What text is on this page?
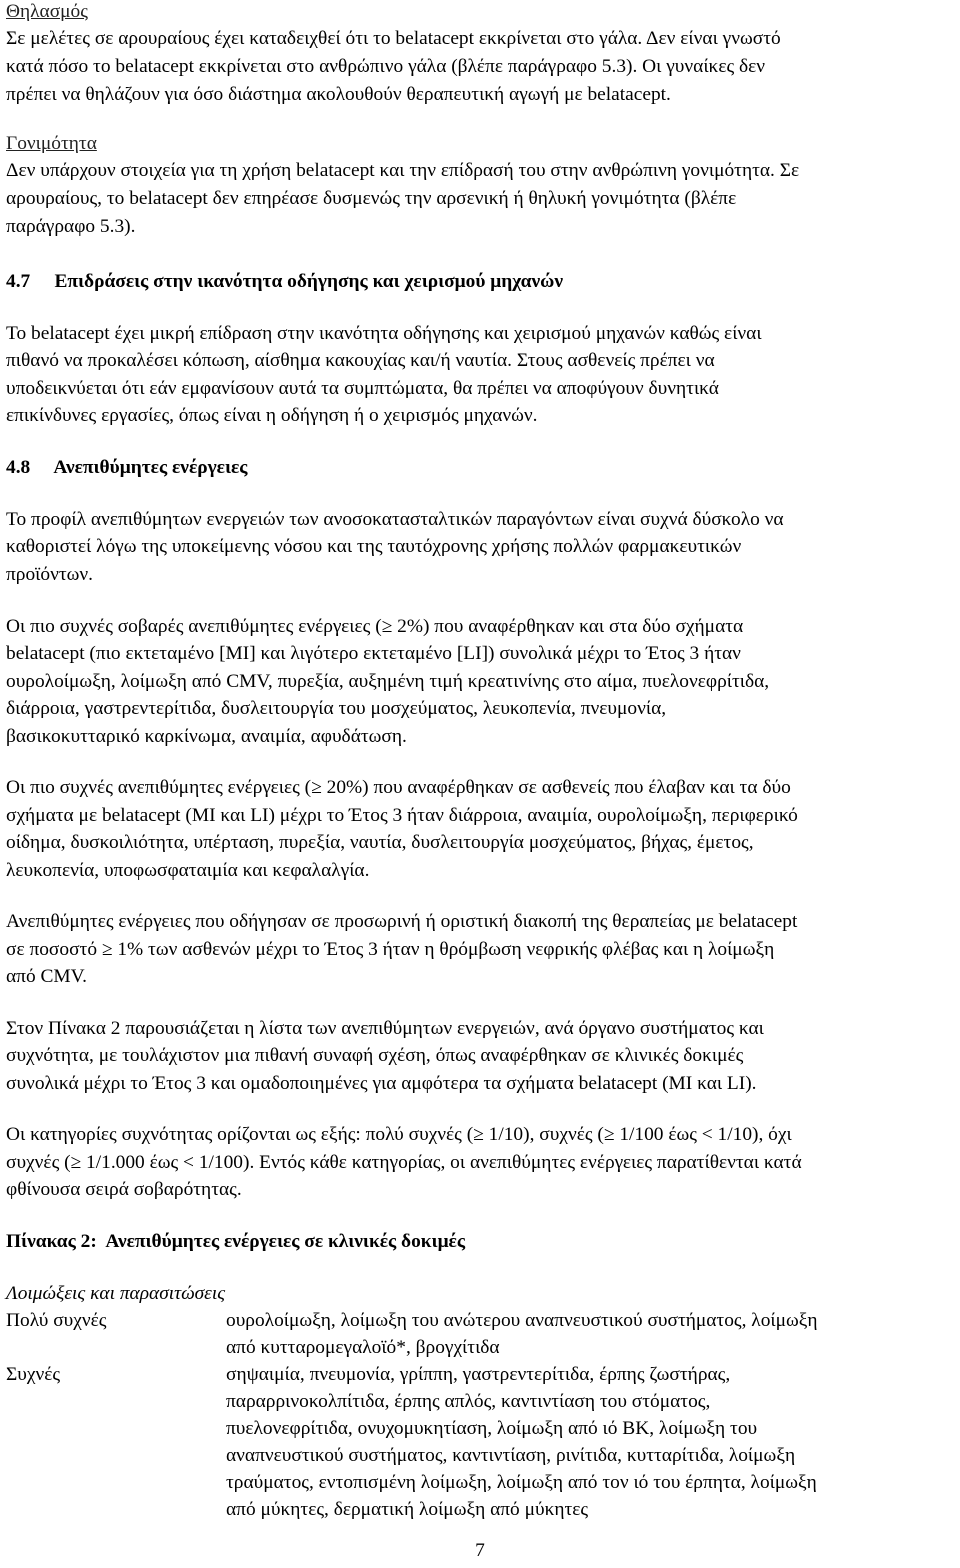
Θηλασμός
Σε μελέτες σε αρουραίους έχει καταδειχθεί ότι το belatacept εκκρίνεται στο γάλα. Δεν είναι γνωστό
κατά πόσο το belatacept εκκρίνεται στο ανθρώπινο γάλα (βλέπε παράγραφο 5.3). Οι γυναίκες δεν
πρέπει να θηλάζουν για όσο διάστημα ακολουθούν θεραπευτική αγωγή με belatacept.
Γονιμότητα
Δεν υπάρχουν στοιχεία για τη χρήση belatacept και την επίδρασή του στην ανθρώπινη γονιμότητα. Σε
αρουραίους, το belatacept δεν επηρέασε δυσμενώς την αρσενική ή θηλυκή γονιμότητα (βλέπε
παράγραφο 5.3).
4.7     Επιδράσεις στην ικανότητα οδήγησης και χειρισμού μηχανών
Το belatacept έχει μικρή επίδραση στην ικανότητα οδήγησης και χειρισμού μηχανών καθώς είναι
πιθανό να προκαλέσει κόπωση, αίσθημα κακουχίας και/ή ναυτία. Στους ασθενείς πρέπει να
υποδεικνύεται ότι εάν εμφανίσουν αυτά τα συμπτώματα, θα πρέπει να αποφύγουν δυνητικά
επικίνδυνες εργασίες, όπως είναι η οδήγηση ή ο χειρισμός μηχανών.
4.8     Ανεπιθύμητες ενέργειες
Το προφίλ ανεπιθύμητων ενεργειών των ανοσοκατασταλτικών παραγόντων είναι συχνά δύσκολο να
καθοριστεί λόγω της υποκείμενης νόσου και της ταυτόχρονης χρήσης πολλών φαρμακευτικών
προϊόντων.
Οι πιο συχνές σοβαρές ανεπιθύμητες ενέργειες (≥ 2%) που αναφέρθηκαν και στα δύο σχήματα
belatacept (πιο εκτεταμένο [MI] και λιγότερο εκτεταμένο [LI]) συνολικά μέχρι το Έτος 3 ήταν
ουρολοίμωξη, λοίμωξη από CMV, πυρεξία, αυξημένη τιμή κρεατινίνης στο αίμα, πυελονεφρίτιδα,
διάρροια, γαστρεντερίτιδα, δυσλειτουργία του μοσχεύματος, λευκοπενία, πνευμονία,
βασικοκυτταρικό καρκίνωμα, αναιμία, αφυδάτωση.
Οι πιο συχνές ανεπιθύμητες ενέργειες (≥ 20%) που αναφέρθηκαν σε ασθενείς που έλαβαν και τα δύο
σχήματα με belatacept (MI και LI) μέχρι το Έτος 3 ήταν διάρροια, αναιμία, ουρολοίμωξη, περιφερικό
οίδημα, δυσκοιλιότητα, υπέρταση, πυρεξία, ναυτία, δυσλειτουργία μοσχεύματος, βήχας, έμετος,
λευκοπενία, υποφωσφαταιμία και κεφαλαλγία.
Ανεπιθύμητες ενέργειες που οδήγησαν σε προσωρινή ή οριστική διακοπή της θεραπείας με belatacept
σε ποσοστό ≥ 1% των ασθενών μέχρι το Έτος 3 ήταν η θρόμβωση νεφρικής φλέβας και η λοίμωξη
από CMV.
Στον Πίνακα 2 παρουσιάζεται η λίστα των ανεπιθύμητων ενεργειών, ανά όργανο συστήματος και
συχνότητα, με τουλάχιστον μια πιθανή συναφή σχέση, όπως αναφέρθηκαν σε κλινικές δοκιμές
συνολικά μέχρι το Έτος 3 και ομαδοποιημένες για αμφότερα τα σχήματα belatacept (MI και LI).
Οι κατηγορίες συχνότητας ορίζονται ως εξής: πολύ συχνές (≥ 1/10), συχνές (≥ 1/100 έως < 1/10), όχι
συχνές (≥ 1/1.000 έως < 1/100). Εντός κάθε κατηγορίας, οι ανεπιθύμητες ενέργειες παρατίθενται κατά
φθίνουσα σειρά σοβαρότητας.
Πίνακας 2:  Ανεπιθύμητες ενέργειες σε κλινικές δοκιμές
Λοιμώξεις και παρασιτώσεις
Πολύ συχνές	ουρολοίμωξη, λοίμωξη του ανώτερου αναπνευστικού συστήματος, λοίμωξη
από κυτταρομεγαλοϊό*, βρογχίτιδα
Συχνές	σηψαιμία, πνευμονία, γρίππη, γαστρεντερίτιδα, έρπης ζωστήρας,
παραρρινοκολπίτιδα, έρπης απλός, καντιντίαση του στόματος,
πυελονεφρίτιδα, ονυχομυκητίαση, λοίμωξη από ιό BK, λοίμωξη του
αναπνευστικού συστήματος, καντιντίαση, ρινίτιδα, κυτταρίτιδα, λοίμωξη
τραύματος, εντοπισμένη λοίμωξη, λοίμωξη από τον ιό του έρπητα, λοίμωξη
από μύκητες, δερματική λοίμωξη από μύκητες
7
